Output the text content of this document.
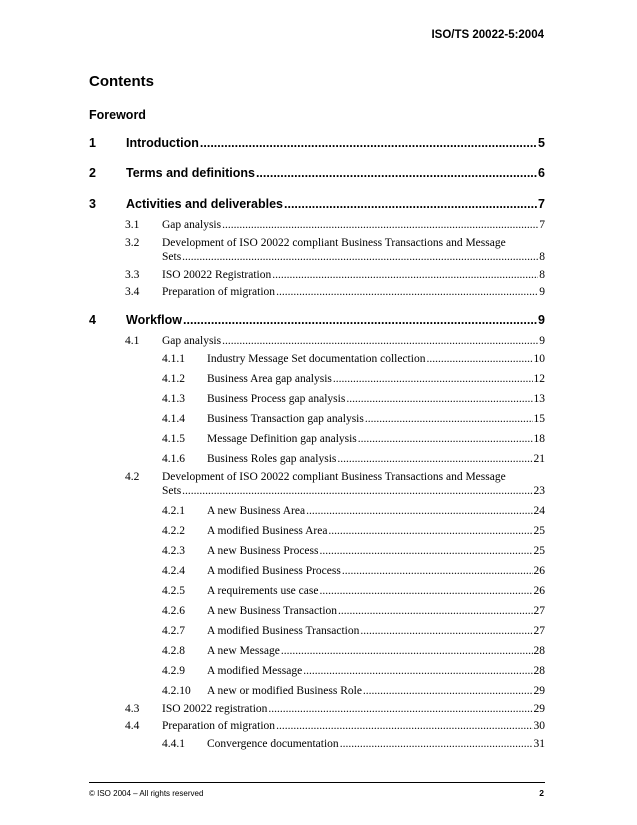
ISO/TS 20022-5:2004
Contents
Foreword
1 Introduction .....	5
2 Terms and definitions .....	6
3 Activities and deliverables .....	7
3.1 Gap analysis .....	7
3.2 Development of ISO 20022 compliant Business Transactions and Message
Sets .....	8
3.3 ISO 20022 Registration .....	8
3.4 Preparation of migration .....	9
4 Workflow .....	9
4.1 Gap analysis .....	9
4.1.1 Industry Message Set documentation collection .....	10
4.1.2 Business Area gap analysis .....	12
4.1.3 Business Process gap analysis .....	13
4.1.4 Business Transaction gap analysis .....	15
4.1.5 Message Definition gap analysis .....	18
4.1.6 Business Roles gap analysis .....	21
4.2 Development of ISO 20022 compliant Business Transactions and Message
Sets .....	23
4.2.1 A new Business Area .....	24
4.2.2 A modified Business Area .....	25
4.2.3 A new Business Process .....	25
4.2.4 A modified Business Process .....	26
4.2.5 A requirements use case .....	26
4.2.6 A new Business Transaction .....	27
4.2.7 A modified Business Transaction .....	27
4.2.8 A new Message .....	28
4.2.9 A modified Message .....	28
4.2.10 A new or modified Business Role .....	29
4.3 ISO 20022 registration .....	29
4.4 Preparation of migration .....	30
4.4.1 Convergence documentation .....	31
© ISO 2004 – All rights reserved	2
